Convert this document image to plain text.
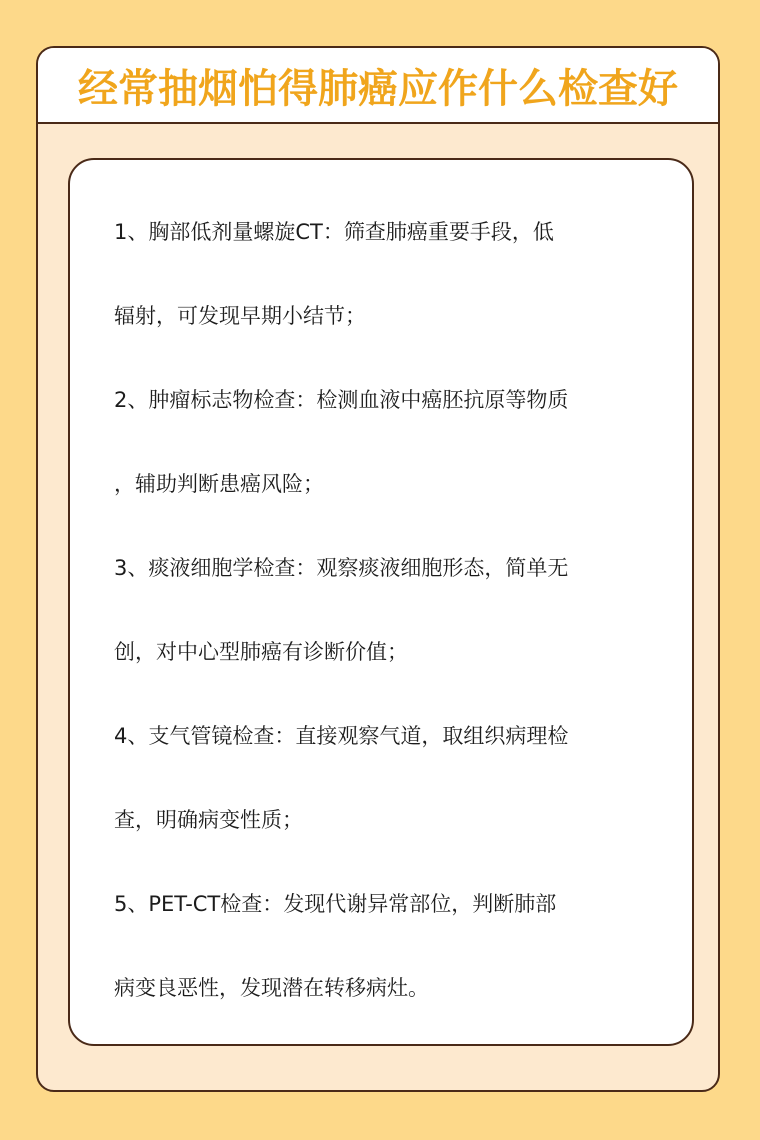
经常抽烟怕得肺癌应作什么检查好
1、胸部低剂量螺旋CT：筛查肺癌重要手段，低
辐射，可发现早期小结节；
2、肿瘤标志物检查：检测血液中癌胚抗原等物质
，辅助判断患癌风险；
3、痰液细胞学检查：观察痰液细胞形态，简单无
创，对中心型肺癌有诊断价值；
4、支气管镜检查：直接观察气道，取组织病理检
查，明确病变性质；
5、PET-CT检查：发现代谢异常部位，判断肺部
病变良恶性，发现潜在转移病灶。
